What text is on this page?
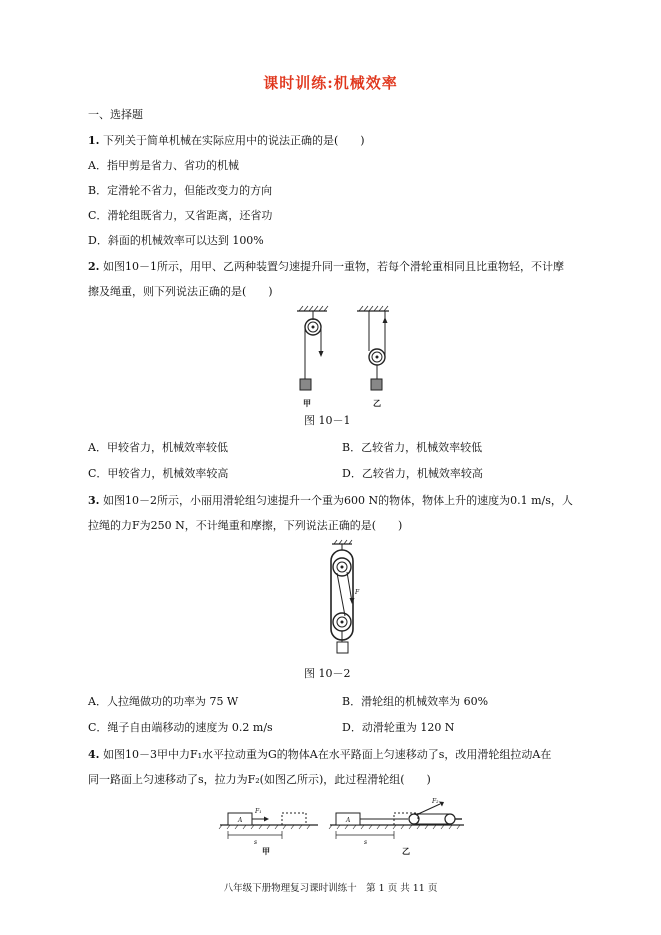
课时训练:机械效率
一、选择题
1. 下列关于简单机械在实际应用中的说法正确的是(　　)
A．指甲剪是省力、省功的机械
B．定滑轮不省力，但能改变力的方向
C．滑轮组既省力，又省距离，还省功
D．斜面的机械效率可以达到 100%
2. 如图10－1所示，用甲、乙两种装置匀速提升同一重物，若每个滑轮重相同且比重物轻，不计摩
擦及绳重，则下列说法正确的是(　　)
甲	乙
图 10－1
A．甲较省力，机械效率较低	B．乙较省力，机械效率较低
C．甲较省力，机械效率较高	D．乙较省力，机械效率较高
3. 如图10－2所示，小丽用滑轮组匀速提升一个重为600 N的物体，物体上升的速度为0.1 m/s，人
拉绳的力F为250 N，不计绳重和摩擦，下列说法正确的是(　　)
F
图 10－2
A．人拉绳做功的功率为 75 W	B．滑轮组的机械效率为 60%
C．绳子自由端移动的速度为 0.2 m/s	D．动滑轮重为 120 N
4. 如图10－3甲中力F₁水平拉动重为G的物体A在水平路面上匀速移动了s，改用滑轮组拉动A在
同一路面上匀速移动了s，拉力为F₂(如图乙所示)，此过程滑轮组(　　)
A
F₁
s
甲
A
F₂
s
乙
八年级下册物理复习课时训练十　第 1 页 共 11 页
